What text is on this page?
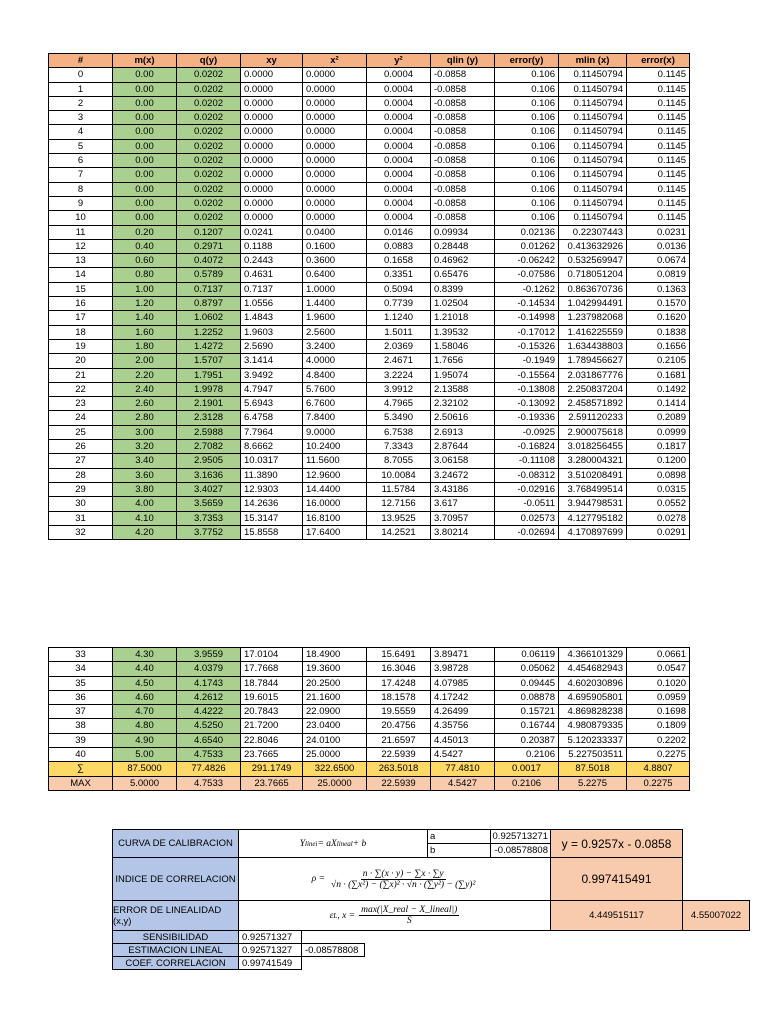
#	m(x)	q(y)	xy	x²	y²	qlin (y)	error(y)	mlin (x)	error(x)
0	0.00	0.0202	0.0000	0.0000	0.0004	-0.0858	0.106	0.11450794	0.1145
1	0.00	0.0202	0.0000	0.0000	0.0004	-0.0858	0.106	0.11450794	0.1145
2	0.00	0.0202	0.0000	0.0000	0.0004	-0.0858	0.106	0.11450794	0.1145
3	0.00	0.0202	0.0000	0.0000	0.0004	-0.0858	0.106	0.11450794	0.1145
4	0.00	0.0202	0.0000	0.0000	0.0004	-0.0858	0.106	0.11450794	0.1145
5	0.00	0.0202	0.0000	0.0000	0.0004	-0.0858	0.106	0.11450794	0.1145
6	0.00	0.0202	0.0000	0.0000	0.0004	-0.0858	0.106	0.11450794	0.1145
7	0.00	0.0202	0.0000	0.0000	0.0004	-0.0858	0.106	0.11450794	0.1145
8	0.00	0.0202	0.0000	0.0000	0.0004	-0.0858	0.106	0.11450794	0.1145
9	0.00	0.0202	0.0000	0.0000	0.0004	-0.0858	0.106	0.11450794	0.1145
10	0.00	0.0202	0.0000	0.0000	0.0004	-0.0858	0.106	0.11450794	0.1145
11	0.20	0.1207	0.0241	0.0400	0.0146	0.09934	0.02136	0.22307443	0.0231
12	0.40	0.2971	0.1188	0.1600	0.0883	0.28448	0.01262	0.413632926	0.0136
13	0.60	0.4072	0.2443	0.3600	0.1658	0.46962	-0.06242	0.532569947	0.0674
14	0.80	0.5789	0.4631	0.6400	0.3351	0.65476	-0.07586	0.718051204	0.0819
15	1.00	0.7137	0.7137	1.0000	0.5094	0.8399	-0.1262	0.863670736	0.1363
16	1.20	0.8797	1.0556	1.4400	0.7739	1.02504	-0.14534	1.042994491	0.1570
17	1.40	1.0602	1.4843	1.9600	1.1240	1.21018	-0.14998	1.237982068	0.1620
18	1.60	1.2252	1.9603	2.5600	1.5011	1.39532	-0.17012	1.416225559	0.1838
19	1.80	1.4272	2.5690	3.2400	2.0369	1.58046	-0.15326	1.634438803	0.1656
20	2.00	1.5707	3.1414	4.0000	2.4671	1.7656	-0.1949	1.789456627	0.2105
21	2.20	1.7951	3.9492	4.8400	3.2224	1.95074	-0.15564	2.031867776	0.1681
22	2.40	1.9978	4.7947	5.7600	3.9912	2.13588	-0.13808	2.250837204	0.1492
23	2.60	2.1901	5.6943	6.7600	4.7965	2.32102	-0.13092	2.458571892	0.1414
24	2.80	2.3128	6.4758	7.8400	5.3490	2.50616	-0.19336	2.591120233	0.2089
25	3.00	2.5988	7.7964	9.0000	6.7538	2.6913	-0.0925	2.900075618	0.0999
26	3.20	2.7082	8.6662	10.2400	7.3343	2.87644	-0.16824	3.018256455	0.1817
27	3.40	2.9505	10.0317	11.5600	8.7055	3.06158	-0.11108	3.280004321	0.1200
28	3.60	3.1636	11.3890	12.9600	10.0084	3.24672	-0.08312	3.510208491	0.0898
29	3.80	3.4027	12.9303	14.4400	11.5784	3.43186	-0.02916	3.768499514	0.0315
30	4.00	3.5659	14.2636	16.0000	12.7156	3.617	-0.0511	3.944798531	0.0552
31	4.10	3.7353	15.3147	16.8100	13.9525	3.70957	0.02573	4.127795182	0.0278
32	4.20	3.7752	15.8558	17.6400	14.2521	3.80214	-0.02694	4.170897699	0.0291
33	4.30	3.9559	17.0104	18.4900	15.6491	3.89471	0.06119	4.366101329	0.0661
34	4.40	4.0379	17.7668	19.3600	16.3046	3.98728	0.05062	4.454682943	0.0547
35	4.50	4.1743	18.7844	20.2500	17.4248	4.07985	0.09445	4.602030896	0.1020
36	4.60	4.2612	19.6015	21.1600	18.1578	4.17242	0.08878	4.695905801	0.0959
37	4.70	4.4222	20.7843	22.0900	19.5559	4.26499	0.15721	4.869828238	0.1698
38	4.80	4.5250	21.7200	23.0400	20.4756	4.35756	0.16744	4.980879335	0.1809
39	4.90	4.6540	22.8046	24.0100	21.6597	4.45013	0.20387	5.120233337	0.2202
40	5.00	4.7533	23.7665	25.0000	22.5939	4.5427	0.2106	5.227503511	0.2275
∑	87.5000	77.4826	291.1749	322.6500	263.5018	77.4810	0.0017	87.5018	4.8807
MAX	5.0000	4.7533	23.7665	25.0000	22.5939	4.5427	0.2106	5.2275	0.2275
CURVA DE CALIBRACION	Y linei = aX lineal + b
a	0.925713271
b	-0.08578808	y = 0.9257x - 0.0858
INDICE DE CORRELACION	$\rho = \frac{n \cdot \sum(x \cdot y) - \sum x \cdot \sum y}{\text{√n · (∑x²) − (∑x)² · √n · (∑y²) − (∑y)²}}$	0.997415491
ERROR DE LINEALIDAD (x,y)	ε L , $x = \frac{\text{max(|X\_real − X\_lineal|)}}{S}$	4.449515117	4.55007022
SENSIBILIDAD	0.92571327
ESTIMACION LINEAL	0.92571327	-0.08578808
COEF. CORRELACION	0.99741549
